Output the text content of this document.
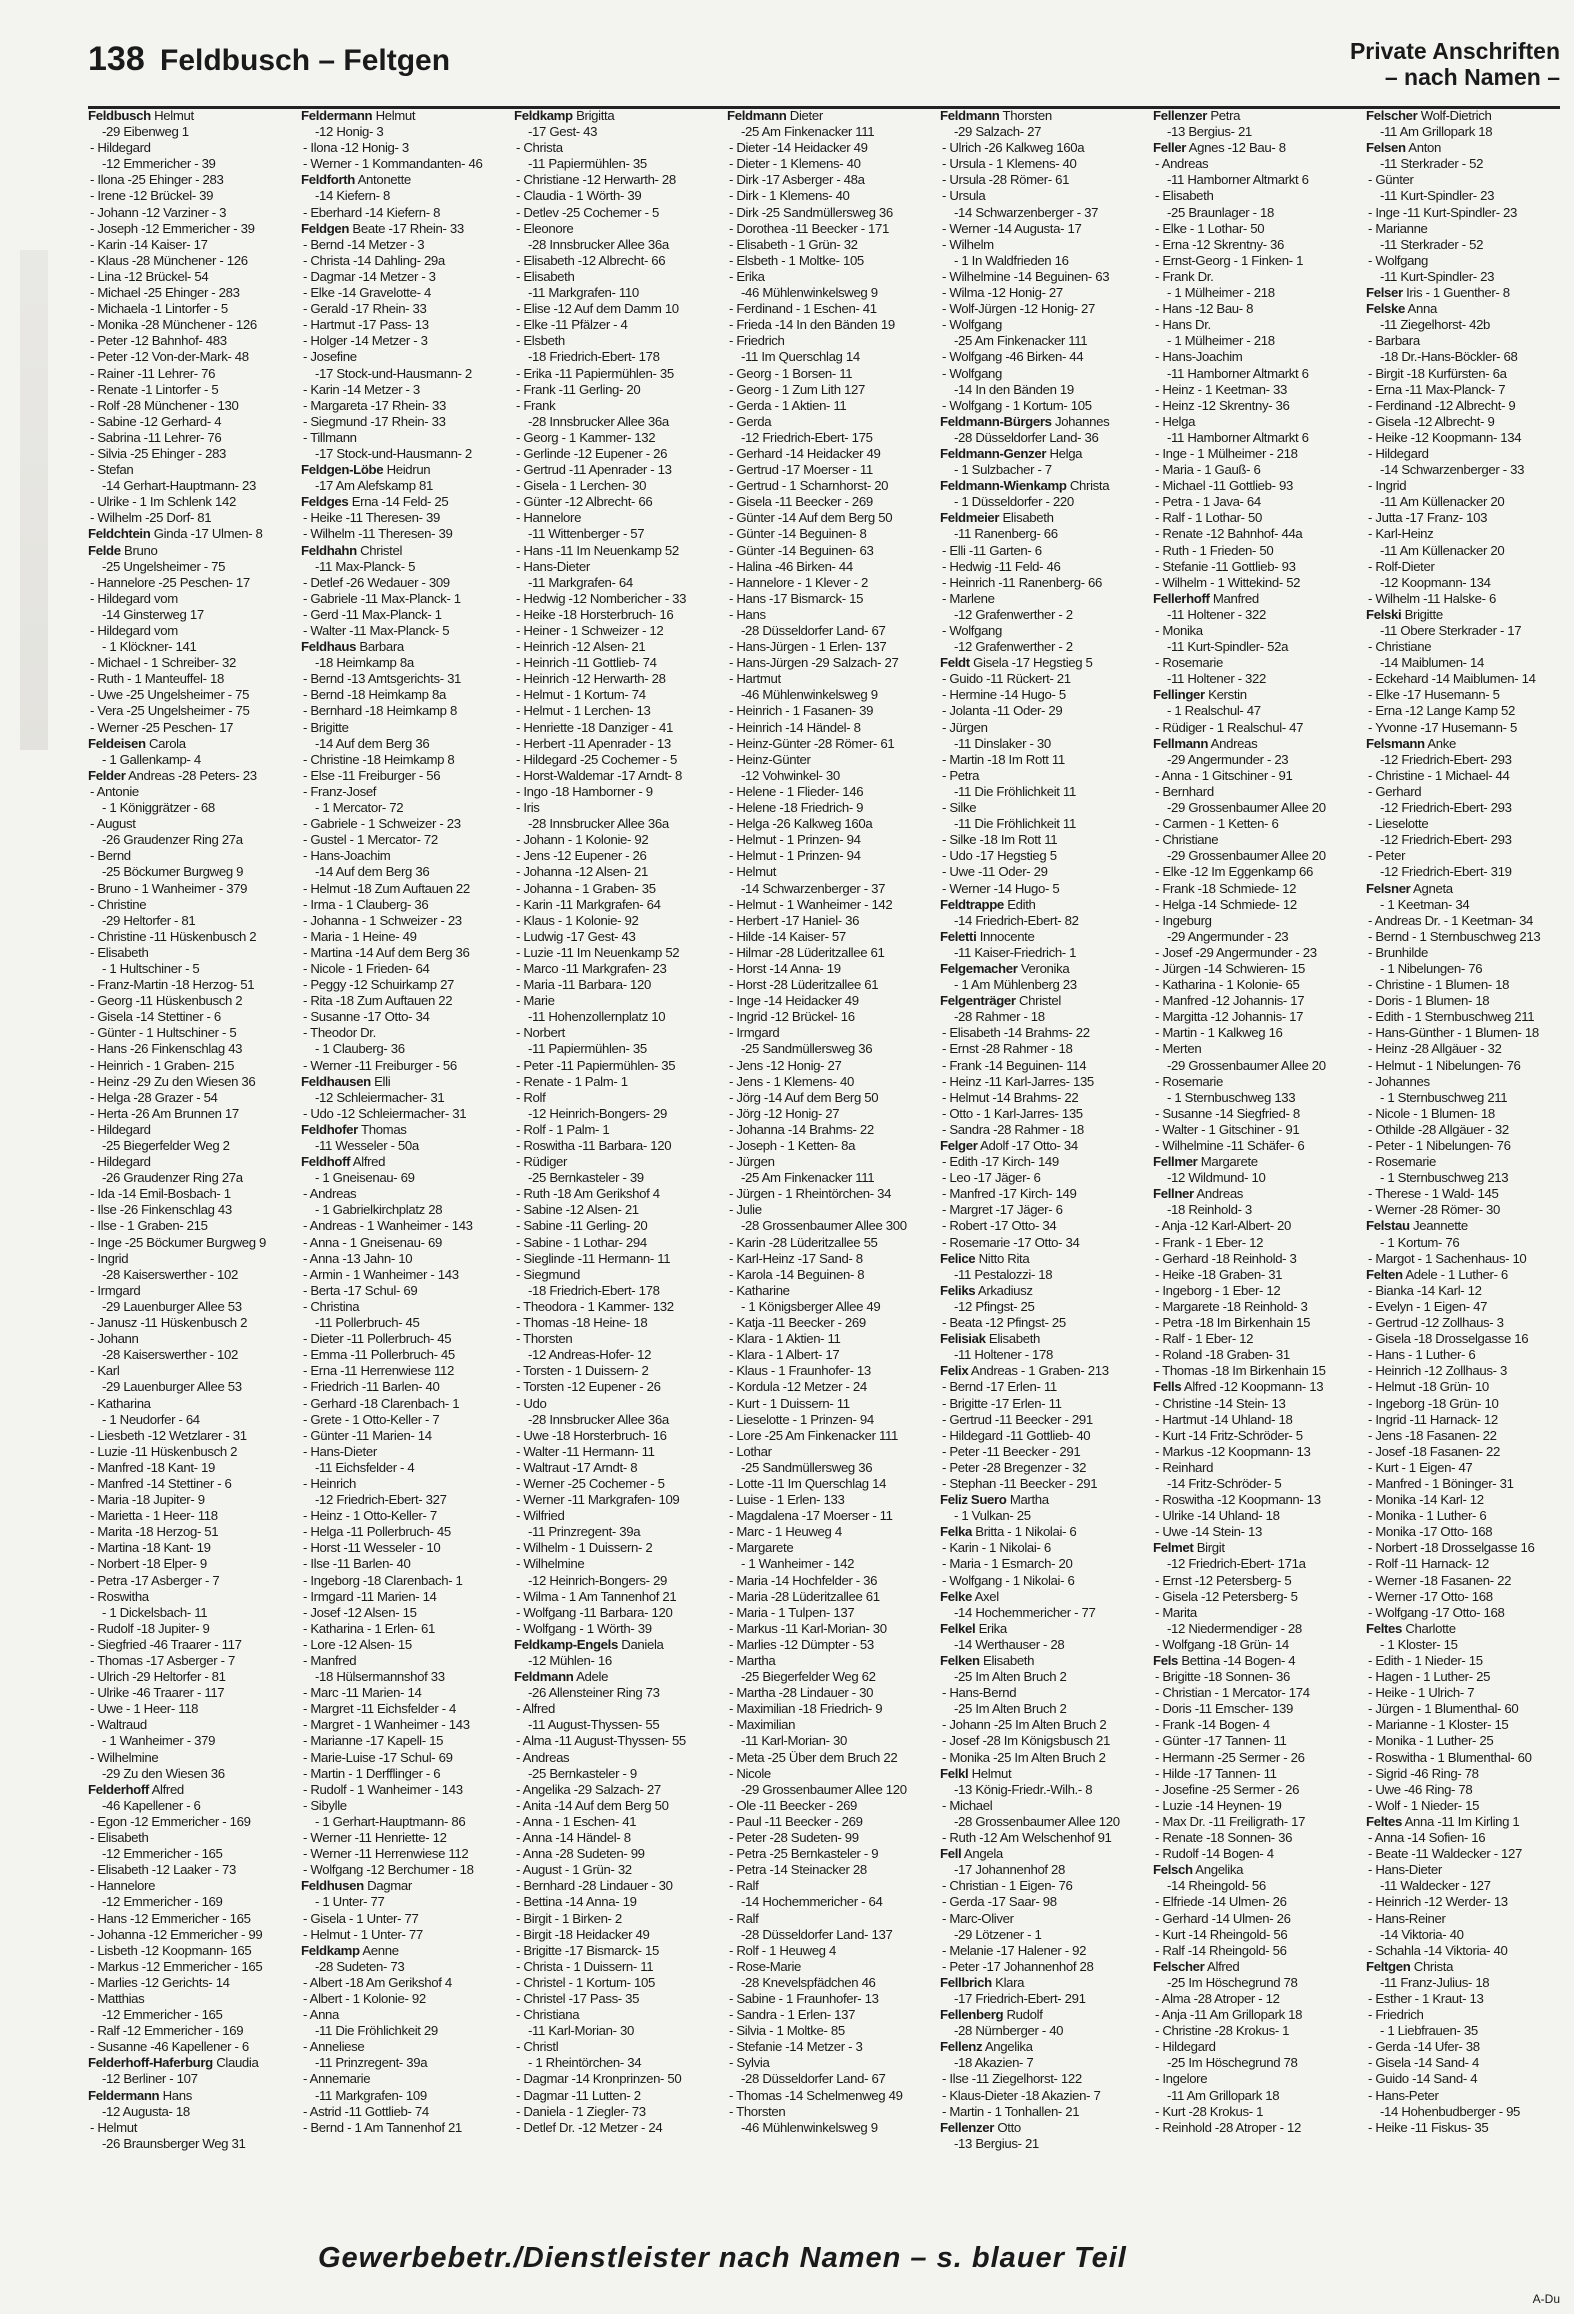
138 Feldbusch – Feltgen	Private Anschriften
– nach Namen –
Feldbusch Helmut
-29 Eibenweg 1
- Hildegard
-12 Emmericher - 39
- Ilona -25 Ehinger - 283
- Irene -12 Brückel- 39
- Johann -12 Varziner - 3
- Joseph -12 Emmericher - 39
- Karin -14 Kaiser- 17
- Klaus -28 Münchener - 126
- Lina -12 Brückel- 54
- Michael -25 Ehinger - 283
- Michaela -1 Lintorfer - 5
- Monika -28 Münchener - 126
- Peter -12 Bahnhof- 483
- Peter -12 Von-der-Mark- 48
- Rainer -11 Lehrer- 76
- Renate -1 Lintorfer - 5
- Rolf -28 Münchener - 130
- Sabine -12 Gerhard- 4
- Sabrina -11 Lehrer- 76
- Silvia -25 Ehinger - 283
- Stefan
-14 Gerhart-Hauptmann- 23
- Ulrike - 1 Im Schlenk 142
- Wilhelm -25 Dorf- 81
Feldchtein Ginda -17 Ulmen- 8
Felde Bruno
-25 Ungelsheimer - 75
- Hannelore -25 Peschen- 17
- Hildegard vom
-14 Ginsterweg 17
- Hildegard vom
- 1 Klöckner- 141
- Michael - 1 Schreiber- 32
- Ruth - 1 Manteuffel- 18
- Uwe -25 Ungelsheimer - 75
- Vera -25 Ungelsheimer - 75
- Werner -25 Peschen- 17
Feldeisen Carola
- 1 Gallenkamp- 4
Felder Andreas -28 Peters- 23
- Antonie
- 1 Königgrätzer - 68
- August
-26 Graudenzer Ring 27a
- Bernd
-25 Böckumer Burgweg 9
- Bruno - 1 Wanheimer - 379
- Christine
-29 Heltorfer - 81
- Christine -11 Hüskenbusch 2
- Elisabeth
- 1 Hultschiner - 5
- Franz-Martin -18 Herzog- 51
- Georg -11 Hüskenbusch 2
- Gisela -14 Stettiner - 6
- Günter - 1 Hultschiner - 5
- Hans -26 Finkenschlag 43
- Heinrich - 1 Graben- 215
- Heinz -29 Zu den Wiesen 36
- Helga -28 Grazer - 54
- Herta -26 Am Brunnen 17
- Hildegard
-25 Biegerfelder Weg 2
- Hildegard
-26 Graudenzer Ring 27a
- Ida -14 Emil-Bosbach- 1
- Ilse -26 Finkenschlag 43
- Ilse - 1 Graben- 215
- Inge -25 Böckumer Burgweg 9
- Ingrid
-28 Kaiserswerther - 102
- Irmgard
-29 Lauenburger Allee 53
- Janusz -11 Hüskenbusch 2
- Johann
-28 Kaiserswerther - 102
- Karl
-29 Lauenburger Allee 53
- Katharina
- 1 Neudorfer - 64
- Liesbeth -12 Wetzlarer - 31
- Luzie -11 Hüskenbusch 2
- Manfred -18 Kant- 19
- Manfred -14 Stettiner - 6
- Maria -18 Jupiter- 9
- Marietta - 1 Heer- 118
- Marita -18 Herzog- 51
- Martina -18 Kant- 19
- Norbert -18 Elper- 9
- Petra -17 Asberger - 7
- Roswitha
- 1 Dickelsbach- 11
- Rudolf -18 Jupiter- 9
- Siegfried -46 Traarer - 117
- Thomas -17 Asberger - 7
- Ulrich -29 Heltorfer - 81
- Ulrike -46 Traarer - 117
- Uwe - 1 Heer- 118
- Waltraud
- 1 Wanheimer - 379
- Wilhelmine
-29 Zu den Wiesen 36
Felderhoff Alfred
-46 Kapellener - 6
- Egon -12 Emmericher - 169
- Elisabeth
-12 Emmericher - 165
- Elisabeth -12 Laaker - 73
- Hannelore
-12 Emmericher - 169
- Hans -12 Emmericher - 165
- Johanna -12 Emmericher - 99
- Lisbeth -12 Koopmann- 165
- Markus -12 Emmericher - 165
- Marlies -12 Gerichts- 14
- Matthias
-12 Emmericher - 165
- Ralf -12 Emmericher - 169
- Susanne -46 Kapellener - 6
Felderhoff-Haferburg Claudia
-12 Berliner - 107
Feldermann Hans
-12 Augusta- 18
- Helmut
-26 Braunsberger Weg 31
Feldermann Helmut
-12 Honig- 3
- Ilona -12 Honig- 3
- Werner - 1 Kommandanten- 46
Feldforth Antonette
-14 Kiefern- 8
- Eberhard -14 Kiefern- 8
Feldgen Beate -17 Rhein- 33
- Bernd -14 Metzer - 3
- Christa -14 Dahling- 29a
- Dagmar -14 Metzer - 3
- Elke -14 Gravelotte- 4
- Gerald -17 Rhein- 33
- Hartmut -17 Pass- 13
- Holger -14 Metzer - 3
- Josefine
-17 Stock-und-Hausmann- 2
- Karin -14 Metzer - 3
- Margareta -17 Rhein- 33
- Siegmund -17 Rhein- 33
- Tillmann
-17 Stock-und-Hausmann- 2
Feldgen-Löbe Heidrun
-17 Am Alefskamp 81
Feldges Erna -14 Feld- 25
- Heike -11 Theresen- 39
- Wilhelm -11 Theresen- 39
Feldhahn Christel
-11 Max-Planck- 5
- Detlef -26 Wedauer - 309
- Gabriele -11 Max-Planck- 1
- Gerd -11 Max-Planck- 1
- Walter -11 Max-Planck- 5
Feldhaus Barbara
-18 Heimkamp 8a
- Bernd -13 Amtsgerichts- 31
- Bernd -18 Heimkamp 8a
- Bernhard -18 Heimkamp 8
- Brigitte
-14 Auf dem Berg 36
- Christine -18 Heimkamp 8
- Else -11 Freiburger - 56
- Franz-Josef
- 1 Mercator- 72
- Gabriele - 1 Schweizer - 23
- Gustel - 1 Mercator- 72
- Hans-Joachim
-14 Auf dem Berg 36
- Helmut -18 Zum Auftauen 22
- Irma - 1 Clauberg- 36
- Johanna - 1 Schweizer - 23
- Maria - 1 Heine- 49
- Martina -14 Auf dem Berg 36
- Nicole - 1 Frieden- 64
- Peggy -12 Schuirkamp 27
- Rita -18 Zum Auftauen 22
- Susanne -17 Otto- 34
- Theodor Dr.
- 1 Clauberg- 36
- Werner -11 Freiburger - 56
Feldhausen Elli
-12 Schleiermacher- 31
- Udo -12 Schleiermacher- 31
Feldhofer Thomas
-11 Wesseler - 50a
Feldhoff Alfred
- 1 Gneisenau- 69
- Andreas
- 1 Gabrielkirchplatz 28
- Andreas - 1 Wanheimer - 143
- Anna - 1 Gneisenau- 69
- Anna -13 Jahn- 10
- Armin - 1 Wanheimer - 143
- Berta -17 Schul- 69
- Christina
-11 Pollerbruch- 45
- Dieter -11 Pollerbruch- 45
- Emma -11 Pollerbruch- 45
- Erna -11 Herrenwiese 112
- Friedrich -11 Barlen- 40
- Gerhard -18 Clarenbach- 1
- Grete - 1 Otto-Keller - 7
- Günter -11 Marien- 14
- Hans-Dieter
-11 Eichsfelder - 4
- Heinrich
-12 Friedrich-Ebert- 327
- Heinz - 1 Otto-Keller- 7
- Helga -11 Pollerbruch- 45
- Horst -11 Wesseler - 10
- Ilse -11 Barlen- 40
- Ingeborg -18 Clarenbach- 1
- Irmgard -11 Marien- 14
- Josef -12 Alsen- 15
- Katharina - 1 Erlen- 61
- Lore -12 Alsen- 15
- Manfred
-18 Hülsermannshof 33
- Marc -11 Marien- 14
- Margret -11 Eichsfelder - 4
- Margret - 1 Wanheimer - 143
- Marianne -17 Kapell- 15
- Marie-Luise -17 Schul- 69
- Martin - 1 Derfflinger - 6
- Rudolf - 1 Wanheimer - 143
- Sibylle
- 1 Gerhart-Hauptmann- 86
- Werner -11 Henriette- 12
- Werner -11 Herrenwiese 112
- Wolfgang -12 Berchumer - 18
Feldhusen Dagmar
- 1 Unter- 77
- Gisela - 1 Unter- 77
- Helmut - 1 Unter- 77
Feldkamp Aenne
-28 Sudeten- 73
- Albert -18 Am Gerikshof 4
- Albert - 1 Kolonie- 92
- Anna
-11 Die Fröhlichkeit 29
- Anneliese
-11 Prinzregent- 39a
- Annemarie
-11 Markgrafen- 109
- Astrid -11 Gottlieb- 74
- Bernd - 1 Am Tannenhof 21
Feldkamp Brigitta
-17 Gest- 43
- Christa
-11 Papiermühlen- 35
- Christiane -12 Herwarth- 28
- Claudia - 1 Wörth- 39
- Detlev -25 Cochemer - 5
- Eleonore
-28 Innsbrucker Allee 36a
- Elisabeth -12 Albrecht- 66
- Elisabeth
-11 Markgrafen- 110
- Elise -12 Auf dem Damm 10
- Elke -11 Pfälzer - 4
- Elsbeth
-18 Friedrich-Ebert- 178
- Erika -11 Papiermühlen- 35
- Frank -11 Gerling- 20
- Frank
-28 Innsbrucker Allee 36a
- Georg - 1 Kammer- 132
- Gerlinde -12 Eupener - 26
- Gertrud -11 Apenrader - 13
- Gisela - 1 Lerchen- 30
- Günter -12 Albrecht- 66
- Hannelore
-11 Wittenberger - 57
- Hans -11 Im Neuenkamp 52
- Hans-Dieter
-11 Markgrafen- 64
- Hedwig -12 Nombericher - 33
- Heike -18 Horsterbruch- 16
- Heiner - 1 Schweizer - 12
- Heinrich -12 Alsen- 21
- Heinrich -11 Gottlieb- 74
- Heinrich -12 Herwarth- 28
- Helmut - 1 Kortum- 74
- Helmut - 1 Lerchen- 13
- Henriette -18 Danziger - 41
- Herbert -11 Apenrader - 13
- Hildegard -25 Cochemer - 5
- Horst-Waldemar -17 Arndt- 8
- Ingo -18 Hamborner - 9
- Iris
-28 Innsbrucker Allee 36a
- Johann - 1 Kolonie- 92
- Jens -12 Eupener - 26
- Johanna -12 Alsen- 21
- Johanna - 1 Graben- 35
- Karin -11 Markgrafen- 64
- Klaus - 1 Kolonie- 92
- Ludwig -17 Gest- 43
- Luzie -11 Im Neuenkamp 52
- Marco -11 Markgrafen- 23
- Maria -11 Barbara- 120
- Marie
-11 Hohenzollernplatz 10
- Norbert
-11 Papiermühlen- 35
- Peter -11 Papiermühlen- 35
- Renate - 1 Palm- 1
- Rolf
-12 Heinrich-Bongers- 29
- Rolf - 1 Palm- 1
- Roswitha -11 Barbara- 120
- Rüdiger
-25 Bernkasteler - 39
- Ruth -18 Am Gerikshof 4
- Sabine -12 Alsen- 21
- Sabine -11 Gerling- 20
- Sabine - 1 Lothar- 294
- Sieglinde -11 Hermann- 11
- Siegmund
-18 Friedrich-Ebert- 178
- Theodora - 1 Kammer- 132
- Thomas -18 Heine- 18
- Thorsten
-12 Andreas-Hofer- 12
- Torsten - 1 Duissern- 2
- Torsten -12 Eupener - 26
- Udo
-28 Innsbrucker Allee 36a
- Uwe -18 Horsterbruch- 16
- Walter -11 Hermann- 11
- Waltraut -17 Arndt- 8
- Werner -25 Cochemer - 5
- Werner -11 Markgrafen- 109
- Wilfried
-11 Prinzregent- 39a
- Wilhelm - 1 Duissern- 2
- Wilhelmine
-12 Heinrich-Bongers- 29
- Wilma - 1 Am Tannenhof 21
- Wolfgang -11 Barbara- 120
- Wolfgang - 1 Wörth- 39
Feldkamp-Engels Daniela
-12 Mühlen- 16
Feldmann Adele
-26 Allensteiner Ring 73
- Alfred
-11 August-Thyssen- 55
- Alma -11 August-Thyssen- 55
- Andreas
-25 Bernkasteler - 9
- Angelika -29 Salzach- 27
- Anita -14 Auf dem Berg 50
- Anna - 1 Eschen- 41
- Anna -14 Händel- 8
- Anna -28 Sudeten- 99
- August - 1 Grün- 32
- Bernhard -28 Lindauer - 30
- Bettina -14 Anna- 19
- Birgit - 1 Birken- 2
- Birgit -18 Heidacker 49
- Brigitte -17 Bismarck- 15
- Christa - 1 Duissern- 11
- Christel - 1 Kortum- 105
- Christel -17 Pass- 35
- Christiana
-11 Karl-Morian- 30
- Christl
- 1 Rheintörchen- 34
- Dagmar -14 Kronprinzen- 50
- Dagmar -11 Lutten- 2
- Daniela - 1 Ziegler- 73
- Detlef Dr. -12 Metzer - 24
Feldmann Dieter
-25 Am Finkenacker 111
- Dieter -14 Heidacker 49
- Dieter - 1 Klemens- 40
- Dirk -17 Asberger - 48a
- Dirk - 1 Klemens- 40
- Dirk -25 Sandmüllersweg 36
- Dorothea -11 Beecker - 171
- Elisabeth - 1 Grün- 32
- Elsbeth - 1 Moltke- 105
- Erika
-46 Mühlenwinkelsweg 9
- Ferdinand - 1 Eschen- 41
- Frieda -14 In den Bänden 19
- Friedrich
-11 Im Querschlag 14
- Georg - 1 Borsen- 11
- Georg - 1 Zum Lith 127
- Gerda - 1 Aktien- 11
- Gerda
-12 Friedrich-Ebert- 175
- Gerhard -14 Heidacker 49
- Gertrud -17 Moerser - 11
- Gertrud - 1 Scharnhorst- 20
- Gisela -11 Beecker - 269
- Günter -14 Auf dem Berg 50
- Günter -14 Beguinen- 8
- Günter -14 Beguinen- 63
- Halina -46 Birken- 44
- Hannelore - 1 Klever - 2
- Hans -17 Bismarck- 15
- Hans
-28 Düsseldorfer Land- 67
- Hans-Jürgen - 1 Erlen- 137
- Hans-Jürgen -29 Salzach- 27
- Hartmut
-46 Mühlenwinkelsweg 9
- Heinrich - 1 Fasanen- 39
- Heinrich -14 Händel- 8
- Heinz-Günter -28 Römer- 61
- Heinz-Günter
-12 Vohwinkel- 30
- Helene - 1 Flieder- 146
- Helene -18 Friedrich- 9
- Helga -26 Kalkweg 160a
- Helmut - 1 Prinzen- 94
- Helmut - 1 Prinzen- 94
- Helmut
-14 Schwarzenberger - 37
- Helmut - 1 Wanheimer - 142
- Herbert -17 Haniel- 36
- Hilde -14 Kaiser- 57
- Hilmar -28 Lüderitzallee 61
- Horst -14 Anna- 19
- Horst -28 Lüderitzallee 61
- Inge -14 Heidacker 49
- Ingrid -12 Brückel- 16
- Irmgard
-25 Sandmüllersweg 36
- Jens -12 Honig- 27
- Jens - 1 Klemens- 40
- Jörg -14 Auf dem Berg 50
- Jörg -12 Honig- 27
- Johanna -14 Brahms- 22
- Joseph - 1 Ketten- 8a
- Jürgen
-25 Am Finkenacker 111
- Jürgen - 1 Rheintörchen- 34
- Julie
-28 Grossenbaumer Allee 300
- Karin -28 Lüderitzallee 55
- Karl-Heinz -17 Sand- 8
- Karola -14 Beguinen- 8
- Katharine
- 1 Königsberger Allee 49
- Katja -11 Beecker - 269
- Klara - 1 Aktien- 11
- Klara - 1 Albert- 17
- Klaus - 1 Fraunhofer- 13
- Kordula -12 Metzer - 24
- Kurt - 1 Duissern- 11
- Lieselotte - 1 Prinzen- 94
- Lore -25 Am Finkenacker 111
- Lothar
-25 Sandmüllersweg 36
- Lotte -11 Im Querschlag 14
- Luise - 1 Erlen- 133
- Magdalena -17 Moerser - 11
- Marc - 1 Heuweg 4
- Margarete
- 1 Wanheimer - 142
- Maria -14 Hochfelder - 36
- Maria -28 Lüderitzallee 61
- Maria - 1 Tulpen- 137
- Markus -11 Karl-Morian- 30
- Marlies -12 Dümpter - 53
- Martha
-25 Biegerfelder Weg 62
- Martha -28 Lindauer - 30
- Maximilian -18 Friedrich- 9
- Maximilian
-11 Karl-Morian- 30
- Meta -25 Über dem Bruch 22
- Nicole
-29 Grossenbaumer Allee 120
- Ole -11 Beecker - 269
- Paul -11 Beecker - 269
- Peter -28 Sudeten- 99
- Petra -25 Bernkasteler - 9
- Petra -14 Steinacker 28
- Ralf
-14 Hochemmericher - 64
- Ralf
-28 Düsseldorfer Land- 137
- Rolf - 1 Heuweg 4
- Rose-Marie
-28 Knevelspfädchen 46
- Sabine - 1 Fraunhofer- 13
- Sandra - 1 Erlen- 137
- Silvia - 1 Moltke- 85
- Stefanie -14 Metzer - 3
- Sylvia
-28 Düsseldorfer Land- 67
- Thomas -14 Schelmenweg 49
- Thorsten
-46 Mühlenwinkelsweg 9
Feldmann Thorsten
-29 Salzach- 27
- Ulrich -26 Kalkweg 160a
- Ursula - 1 Klemens- 40
- Ursula -28 Römer- 61
- Ursula
-14 Schwarzenberger - 37
- Werner -14 Augusta- 17
- Wilhelm
- 1 In Waldfrieden 16
- Wilhelmine -14 Beguinen- 63
- Wilma -12 Honig- 27
- Wolf-Jürgen -12 Honig- 27
- Wolfgang
-25 Am Finkenacker 111
- Wolfgang -46 Birken- 44
- Wolfgang
-14 In den Bänden 19
- Wolfgang - 1 Kortum- 105
Feldmann-Bürgers Johannes
-28 Düsseldorfer Land- 36
Feldmann-Genzer Helga
- 1 Sulzbacher - 7
Feldmann-Wienkamp Christa
- 1 Düsseldorfer - 220
Feldmeier Elisabeth
-11 Ranenberg- 66
- Elli -11 Garten- 6
- Hedwig -11 Feld- 46
- Heinrich -11 Ranenberg- 66
- Marlene
-12 Grafenwerther - 2
- Wolfgang
-12 Grafenwerther - 2
Feldt Gisela -17 Hegstieg 5
- Guido -11 Rückert- 21
- Hermine -14 Hugo- 5
- Jolanta -11 Oder- 29
- Jürgen
-11 Dinslaker - 30
- Martin -18 Im Rott 11
- Petra
-11 Die Fröhlichkeit 11
- Silke
-11 Die Fröhlichkeit 11
- Silke -18 Im Rott 11
- Udo -17 Hegstieg 5
- Uwe -11 Oder- 29
- Werner -14 Hugo- 5
Feldtrappe Edith
-14 Friedrich-Ebert- 82
Feletti Innocente
-11 Kaiser-Friedrich- 1
Felgemacher Veronika
- 1 Am Mühlenberg 23
Felgenträger Christel
-28 Rahmer - 18
- Elisabeth -14 Brahms- 22
- Ernst -28 Rahmer - 18
- Frank -14 Beguinen- 114
- Heinz -11 Karl-Jarres- 135
- Helmut -14 Brahms- 22
- Otto - 1 Karl-Jarres- 135
- Sandra -28 Rahmer - 18
Felger Adolf -17 Otto- 34
- Edith -17 Kirch- 149
- Leo -17 Jäger- 6
- Manfred -17 Kirch- 149
- Margret -17 Jäger- 6
- Robert -17 Otto- 34
- Rosemarie -17 Otto- 34
Felice Nitto Rita
-11 Pestalozzi- 18
Feliks Arkadiusz
-12 Pfingst- 25
- Beata -12 Pfingst- 25
Felisiak Elisabeth
-11 Holtener - 178
Felix Andreas - 1 Graben- 213
- Bernd -17 Erlen- 11
- Brigitte -17 Erlen- 11
- Gertrud -11 Beecker - 291
- Hildegard -11 Gottlieb- 40
- Peter -11 Beecker - 291
- Peter -28 Bregenzer - 32
- Stephan -11 Beecker - 291
Feliz Suero Martha
- 1 Vulkan- 25
Felka Britta - 1 Nikolai- 6
- Karin - 1 Nikolai- 6
- Maria - 1 Esmarch- 20
- Wolfgang - 1 Nikolai- 6
Felke Axel
-14 Hochemmericher - 77
Felkel Erika
-14 Werthauser - 28
Felken Elisabeth
-25 Im Alten Bruch 2
- Hans-Bernd
-25 Im Alten Bruch 2
- Johann -25 Im Alten Bruch 2
- Josef -28 Im Königsbusch 21
- Monika -25 Im Alten Bruch 2
Felkl Helmut
-13 König-Friedr.-Wilh.- 8
- Michael
-28 Grossenbaumer Allee 120
- Ruth -12 Am Welschenhof 91
Fell Angela
-17 Johannenhof 28
- Christian - 1 Eigen- 76
- Gerda -17 Saar- 98
- Marc-Oliver
-29 Lötzener - 1
- Melanie -17 Halener - 92
- Peter -17 Johannenhof 28
Fellbrich Klara
-17 Friedrich-Ebert- 291
Fellenberg Rudolf
-28 Nürnberger - 40
Fellenz Angelika
-18 Akazien- 7
- Ilse -11 Ziegelhorst- 122
- Klaus-Dieter -18 Akazien- 7
- Martin - 1 Tonhallen- 21
Fellenzer Otto
-13 Bergius- 21
Fellenzer Petra
-13 Bergius- 21
Feller Agnes -12 Bau- 8
- Andreas
-11 Hamborner Altmarkt 6
- Elisabeth
-25 Braunlager - 18
- Elke - 1 Lothar- 50
- Erna -12 Skrentny- 36
- Ernst-Georg - 1 Finken- 1
- Frank Dr.
- 1 Mülheimer - 218
- Hans -12 Bau- 8
- Hans Dr.
- 1 Mülheimer - 218
- Hans-Joachim
-11 Hamborner Altmarkt 6
- Heinz - 1 Keetman- 33
- Heinz -12 Skrentny- 36
- Helga
-11 Hamborner Altmarkt 6
- Inge - 1 Mülheimer - 218
- Maria - 1 Gauß- 6
- Michael -11 Gottlieb- 93
- Petra - 1 Java- 64
- Ralf - 1 Lothar- 50
- Renate -12 Bahnhof- 44a
- Ruth - 1 Frieden- 50
- Stefanie -11 Gottlieb- 93
- Wilhelm - 1 Wittekind- 52
Fellerhoff Manfred
-11 Holtener - 322
- Monika
-11 Kurt-Spindler- 52a
- Rosemarie
-11 Holtener - 322
Fellinger Kerstin
- 1 Realschul- 47
- Rüdiger - 1 Realschul- 47
Fellmann Andreas
-29 Angermunder - 23
- Anna - 1 Gitschiner - 91
- Bernhard
-29 Grossenbaumer Allee 20
- Carmen - 1 Ketten- 6
- Christiane
-29 Grossenbaumer Allee 20
- Elke -12 Im Eggenkamp 66
- Frank -18 Schmiede- 12
- Helga -14 Schmiede- 12
- Ingeburg
-29 Angermunder - 23
- Josef -29 Angermunder - 23
- Jürgen -14 Schwieren- 15
- Katharina - 1 Kolonie- 65
- Manfred -12 Johannis- 17
- Margitta -12 Johannis- 17
- Martin - 1 Kalkweg 16
- Merten
-29 Grossenbaumer Allee 20
- Rosemarie
- 1 Sternbuschweg 133
- Susanne -14 Siegfried- 8
- Walter - 1 Gitschiner - 91
- Wilhelmine -11 Schäfer- 6
Fellmer Margarete
-12 Wildmund- 10
Fellner Andreas
-18 Reinhold- 3
- Anja -12 Karl-Albert- 20
- Frank - 1 Eber- 12
- Gerhard -18 Reinhold- 3
- Heike -18 Graben- 31
- Ingeborg - 1 Eber- 12
- Margarete -18 Reinhold- 3
- Petra -18 Im Birkenhain 15
- Ralf - 1 Eber- 12
- Roland -18 Graben- 31
- Thomas -18 Im Birkenhain 15
Fells Alfred -12 Koopmann- 13
- Christine -14 Stein- 13
- Hartmut -14 Uhland- 18
- Kurt -14 Fritz-Schröder- 5
- Markus -12 Koopmann- 13
- Reinhard
-14 Fritz-Schröder- 5
- Roswitha -12 Koopmann- 13
- Ulrike -14 Uhland- 18
- Uwe -14 Stein- 13
Felmet Birgit
-12 Friedrich-Ebert- 171a
- Ernst -12 Petersberg- 5
- Gisela -12 Petersberg- 5
- Marita
-12 Niedermendiger - 28
- Wolfgang -18 Grün- 14
Fels Bettina -14 Bogen- 4
- Brigitte -18 Sonnen- 36
- Christian - 1 Mercator- 174
- Doris -11 Emscher- 139
- Frank -14 Bogen- 4
- Günter -17 Tannen- 11
- Hermann -25 Sermer - 26
- Hilde -17 Tannen- 11
- Josefine -25 Sermer - 26
- Luzie -14 Heynen- 19
- Max Dr. -11 Freiligrath- 17
- Renate -18 Sonnen- 36
- Rudolf -14 Bogen- 4
Felsch Angelika
-14 Rheingold- 56
- Elfriede -14 Ulmen- 26
- Gerhard -14 Ulmen- 26
- Kurt -14 Rheingold- 56
- Ralf -14 Rheingold- 56
Felscher Alfred
-25 Im Höschegrund 78
- Alma -28 Atroper - 12
- Anja -11 Am Grillopark 18
- Christine -28 Krokus- 1
- Hildegard
-25 Im Höschegrund 78
- Ingelore
-11 Am Grillopark 18
- Kurt -28 Krokus- 1
- Reinhold -28 Atroper - 12
Felscher Wolf-Dietrich
-11 Am Grillopark 18
Felsen Anton
-11 Sterkrader - 52
- Günter
-11 Kurt-Spindler- 23
- Inge -11 Kurt-Spindler- 23
- Marianne
-11 Sterkrader - 52
- Wolfgang
-11 Kurt-Spindler- 23
Felser Iris - 1 Guenther- 8
Felske Anna
-11 Ziegelhorst- 42b
- Barbara
-18 Dr.-Hans-Böckler- 68
- Birgit -18 Kurfürsten- 6a
- Erna -11 Max-Planck- 7
- Ferdinand -12 Albrecht- 9
- Gisela -12 Albrecht- 9
- Heike -12 Koopmann- 134
- Hildegard
-14 Schwarzenberger - 33
- Ingrid
-11 Am Küllenacker 20
- Jutta -17 Franz- 103
- Karl-Heinz
-11 Am Küllenacker 20
- Rolf-Dieter
-12 Koopmann- 134
- Wilhelm -11 Halske- 6
Felski Brigitte
-11 Obere Sterkrader - 17
- Christiane
-14 Maiblumen- 14
- Eckehard -14 Maiblumen- 14
- Elke -17 Husemann- 5
- Erna -12 Lange Kamp 52
- Yvonne -17 Husemann- 5
Felsmann Anke
-12 Friedrich-Ebert- 293
- Christine - 1 Michael- 44
- Gerhard
-12 Friedrich-Ebert- 293
- Lieselotte
-12 Friedrich-Ebert- 293
- Peter
-12 Friedrich-Ebert- 319
Felsner Agneta
- 1 Keetman- 34
- Andreas Dr. - 1 Keetman- 34
- Bernd - 1 Sternbuschweg 213
- Brunhilde
- 1 Nibelungen- 76
- Christine - 1 Blumen- 18
- Doris - 1 Blumen- 18
- Edith - 1 Sternbuschweg 211
- Hans-Günther - 1 Blumen- 18
- Heinz -28 Allgäuer - 32
- Helmut - 1 Nibelungen- 76
- Johannes
- 1 Sternbuschweg 211
- Nicole - 1 Blumen- 18
- Othilde -28 Allgäuer - 32
- Peter - 1 Nibelungen- 76
- Rosemarie
- 1 Sternbuschweg 213
- Therese - 1 Wald- 145
- Werner -28 Römer- 30
Felstau Jeannette
- 1 Kortum- 76
- Margot - 1 Sachenhaus- 10
Felten Adele - 1 Luther- 6
- Bianka -14 Karl- 12
- Evelyn - 1 Eigen- 47
- Gertrud -12 Zollhaus- 3
- Gisela -18 Drosselgasse 16
- Hans - 1 Luther- 6
- Heinrich -12 Zollhaus- 3
- Helmut -18 Grün- 10
- Ingeborg -18 Grün- 10
- Ingrid -11 Harnack- 12
- Jens -18 Fasanen- 22
- Josef -18 Fasanen- 22
- Kurt - 1 Eigen- 47
- Manfred - 1 Böninger- 31
- Monika -14 Karl- 12
- Monika - 1 Luther- 6
- Monika -17 Otto- 168
- Norbert -18 Drosselgasse 16
- Rolf -11 Harnack- 12
- Werner -18 Fasanen- 22
- Werner -17 Otto- 168
- Wolfgang -17 Otto- 168
Feltes Charlotte
- 1 Kloster- 15
- Edith - 1 Nieder- 15
- Hagen - 1 Luther- 25
- Heike - 1 Ulrich- 7
- Jürgen - 1 Blumenthal- 60
- Marianne - 1 Kloster- 15
- Monika - 1 Luther- 25
- Roswitha - 1 Blumenthal- 60
- Sigrid -46 Ring- 78
- Uwe -46 Ring- 78
- Wolf - 1 Nieder- 15
Feltes Anna -11 Im Kirling 1
- Anna -14 Sofien- 16
- Beate -11 Waldecker - 127
- Hans-Dieter
-11 Waldecker - 127
- Heinrich -12 Werder- 13
- Hans-Reiner
-14 Viktoria- 40
- Schahla -14 Viktoria- 40
Feltgen Christa
-11 Franz-Julius- 18
- Esther - 1 Kraut- 13
- Friedrich
- 1 Liebfrauen- 35
- Gerda -14 Ufer- 38
- Gisela -14 Sand- 4
- Guido -14 Sand- 4
- Hans-Peter
-14 Hohenbudberger - 95
- Heike -11 Fiskus- 35
Gewerbebetr./Dienstleister nach Namen – s. blauer Teil
A-Du
